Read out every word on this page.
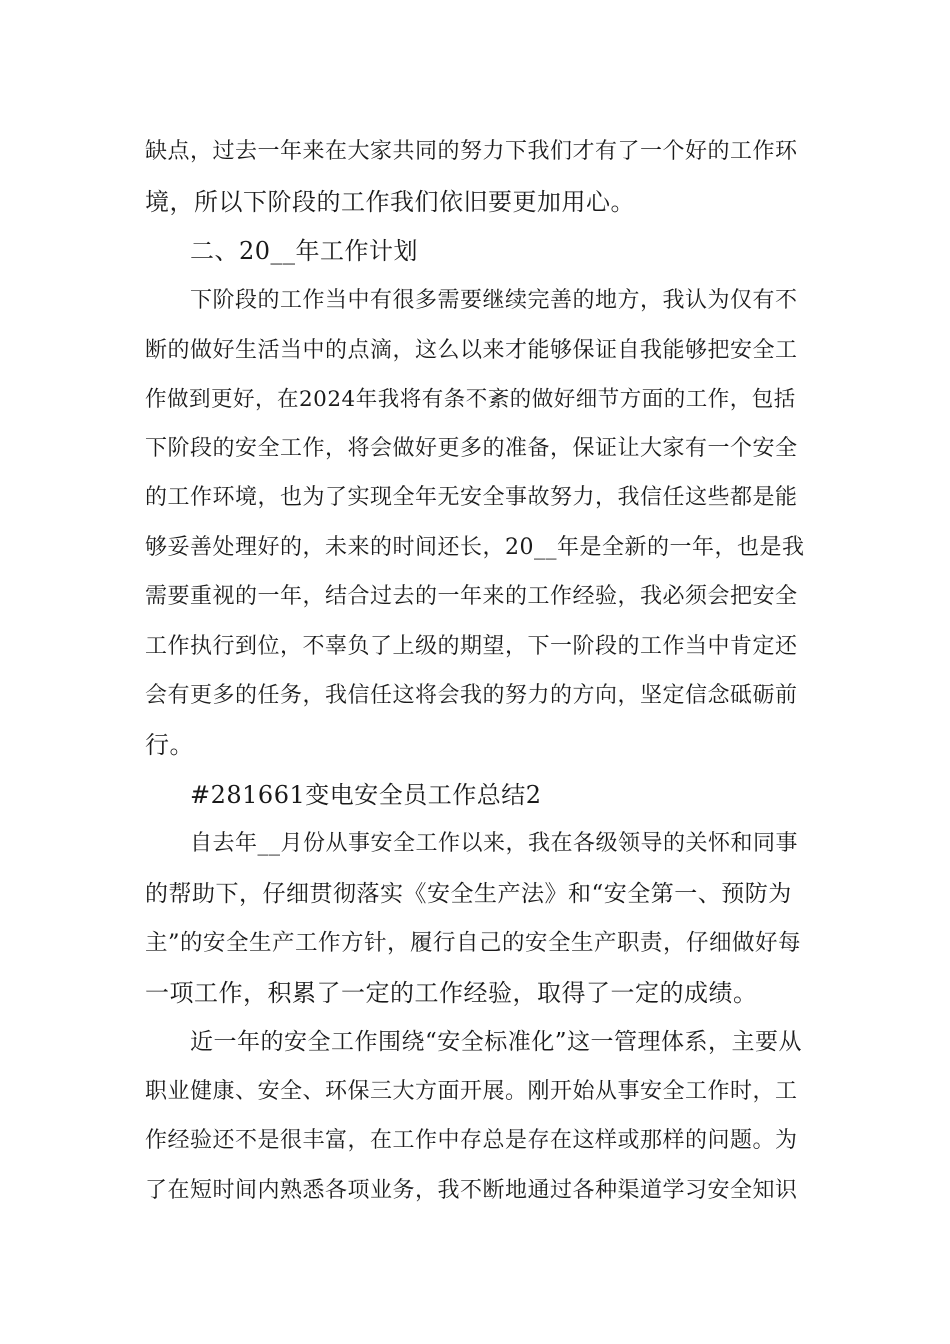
缺点，过去一年来在大家共同的努力下我们才有了一个好的工作环
境，所以下阶段的工作我们依旧要更加用心。
二、20__年工作计划
下阶段的工作当中有很多需要继续完善的地方，我认为仅有不
断的做好生活当中的点滴，这么以来才能够保证自我能够把安全工
作做到更好，在2024年我将有条不紊的做好细节方面的工作，包括
下阶段的安全工作，将会做好更多的准备，保证让大家有一个安全
的工作环境，也为了实现全年无安全事故努力，我信任这些都是能
够妥善处理好的，未来的时间还长，20__年是全新的一年，也是我
需要重视的一年，结合过去的一年来的工作经验，我必须会把安全
工作执行到位，不辜负了上级的期望，下一阶段的工作当中肯定还
会有更多的任务，我信任这将会我的努力的方向，坚定信念砥砺前
行。
#281661变电安全员工作总结2
自去年__月份从事安全工作以来，我在各级领导的关怀和同事
的帮助下，仔细贯彻落实《安全生产法》和“安全第一、预防为
主”的安全生产工作方针，履行自己的安全生产职责，仔细做好每
一项工作，积累了一定的工作经验，取得了一定的成绩。
近一年的安全工作围绕“安全标准化”这一管理体系，主要从
职业健康、安全、环保三大方面开展。刚开始从事安全工作时，工
作经验还不是很丰富，在工作中存总是存在这样或那样的问题。为
了在短时间内熟悉各项业务，我不断地通过各种渠道学习安全知识
